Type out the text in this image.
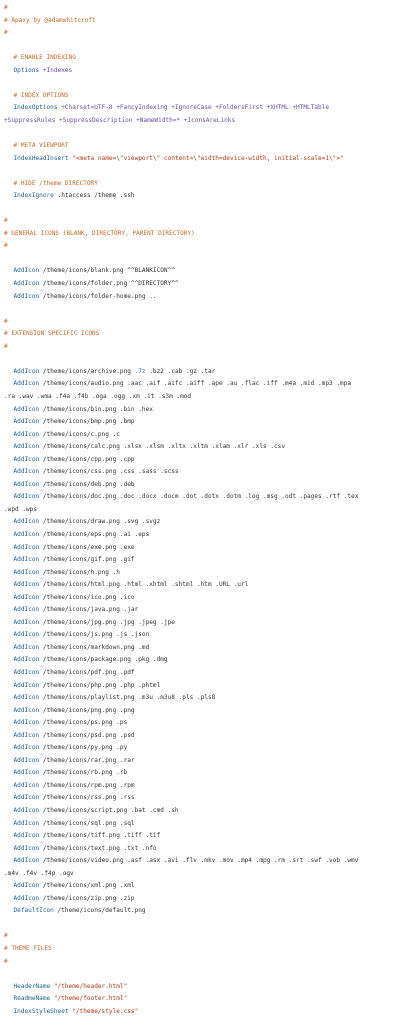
#
# Apaxy by @adamwhitcroft
#

# ENABLE INDEXING
Options +Indexes

# INDEX OPTIONS
IndexOptions +Charset=UTF-8 +FancyIndexing +IgnoreCase +FoldersFirst +XHTML +HTMLTable
+SuppressRules +SuppressDescription +NameWidth=* +IconsAreLinks

# META VIEWPORT
IndexHeadInsert "<meta name=\"viewport\" content=\"width=device-width, initial-scale=1\">"

# HIDE /theme DIRECTORY
IndexIgnore .htaccess /theme .ssh

#
# GENERAL ICONS (BLANK, DIRECTORY, PARENT DIRECTORY)
#

AddIcon /theme/icons/blank.png ^^BLANKICON^^
AddIcon /theme/icons/folder.png ^^DIRECTORY^^
AddIcon /theme/icons/folder-home.png ..

#
# EXTENSION SPECIFIC ICONS
#

AddIcon /theme/icons/archive.png .7z .bz2 .cab .gz .tar
AddIcon /theme/icons/audio.png .aac .aif .aifc .aiff .ape .au .flac .iff .m4a .mid .mp3 .mpa
.ra .wav .wma .f4a .f4b .oga .ogg .xm .it .s3m .mod
AddIcon /theme/icons/bin.png .bin .hex
AddIcon /theme/icons/bmp.png .bmp
AddIcon /theme/icons/c.png .c
AddIcon /theme/icons/calc.png .xlsx .xlsm .xltx .xltm .xlam .xlr .xls .csv
AddIcon /theme/icons/cpp.png .cpp
AddIcon /theme/icons/css.png .css .sass .scss
AddIcon /theme/icons/deb.png .deb
AddIcon /theme/icons/doc.png .doc .docx .docm .dot .dotx .dotm .log .msg .odt .pages .rtf .tex
.wpd .wps
AddIcon /theme/icons/draw.png .svg .svgz
AddIcon /theme/icons/eps.png .ai .eps
AddIcon /theme/icons/exe.png .exe
AddIcon /theme/icons/gif.png .gif
AddIcon /theme/icons/h.png .h
AddIcon /theme/icons/html.png .html .xhtml .shtml .htm .URL .url
AddIcon /theme/icons/ico.png .ico
AddIcon /theme/icons/java.png .jar
AddIcon /theme/icons/jpg.png .jpg .jpeg .jpe
AddIcon /theme/icons/js.png .js .json
AddIcon /theme/icons/markdown.png .md
AddIcon /theme/icons/package.png .pkg .dmg
AddIcon /theme/icons/pdf.png .pdf
AddIcon /theme/icons/php.png .php .phtml
AddIcon /theme/icons/playlist.png .m3u .m3u8 .pls .pls8
AddIcon /theme/icons/png.png .png
AddIcon /theme/icons/ps.png .ps
AddIcon /theme/icons/psd.png .psd
AddIcon /theme/icons/py.png .py
AddIcon /theme/icons/rar.png .rar
AddIcon /theme/icons/rb.png .rb
AddIcon /theme/icons/rpm.png .rpm
AddIcon /theme/icons/rss.png .rss
AddIcon /theme/icons/script.png .bat .cmd .sh
AddIcon /theme/icons/sql.png .sql
AddIcon /theme/icons/tiff.png .tiff .tif
AddIcon /theme/icons/text.png .txt .nfo
AddIcon /theme/icons/video.png .asf .asx .avi .flv .mkv .mov .mp4 .mpg .rm .srt .swf .vob .wmv
.m4v .f4v .f4p .ogv
AddIcon /theme/icons/xml.png .xml
AddIcon /theme/icons/zip.png .zip
DefaultIcon /theme/icons/default.png

#
# THEME FILES
#

HeaderName "/theme/header.html"
ReadmeName "/theme/footer.html"
IndexStyleSheet "/theme/style.css"
